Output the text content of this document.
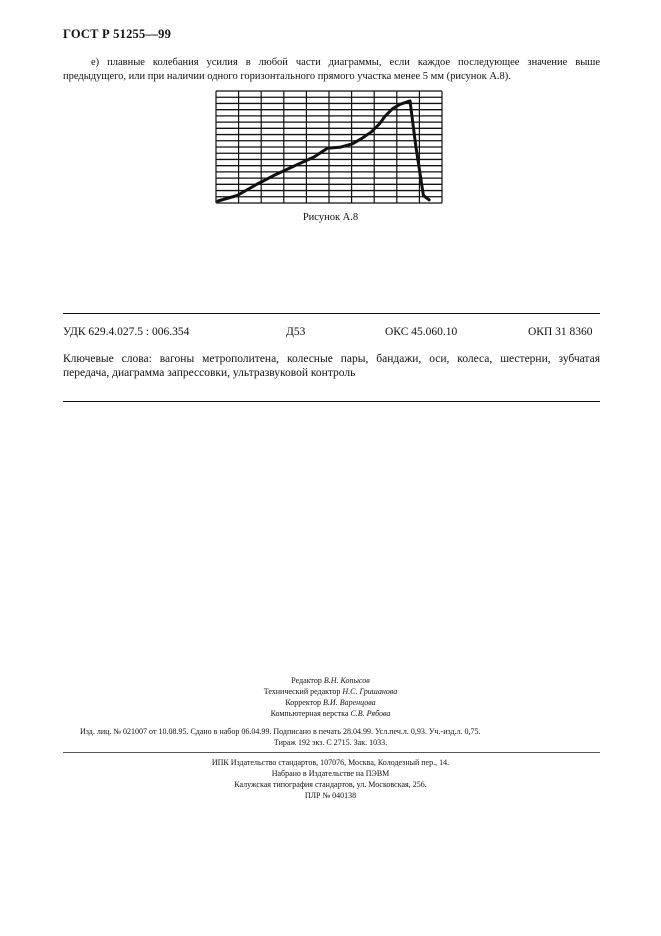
ГОСТ Р 51255—99
е) плавные колебания усилия в любой части диаграммы, если каждое последующее значение выше
предыдущего, или при наличии одного горизонтального прямого участка менее 5 мм (рисунок А.8).
Рисунок А.8
УДК 629.4.027.5 : 006.354	Д53	ОКС 45.060.10	ОКП 31 8360
Ключевые слова: вагоны метрополитена, колесные пары, бандажи, оси, колеса, шестерни, зубчатая
передача, диаграмма запрессовки, ультразвуковой контроль
Редактор В.Н. Копысов
Технический редактор Н.С. Гришанова
Корректор В.И. Варенцова
Компьютерная верстка С.В. Рябова
Изд. лиц. № 021007 от 10.08.95. Сдано в набор 06.04.99. Подписано в печать 28.04.99. Усл.печ.л. 0,93. Уч.-изд.л. 0,75.
Тираж 192 экз. С 2715. Зак. 1033.
ИПК Издательство стандартов, 107076, Москва, Колодезный пер., 14.
Набрано в Издательстве на ПЭВМ
Калужская типография стандартов, ул. Московская, 256.
ПЛР № 040138
